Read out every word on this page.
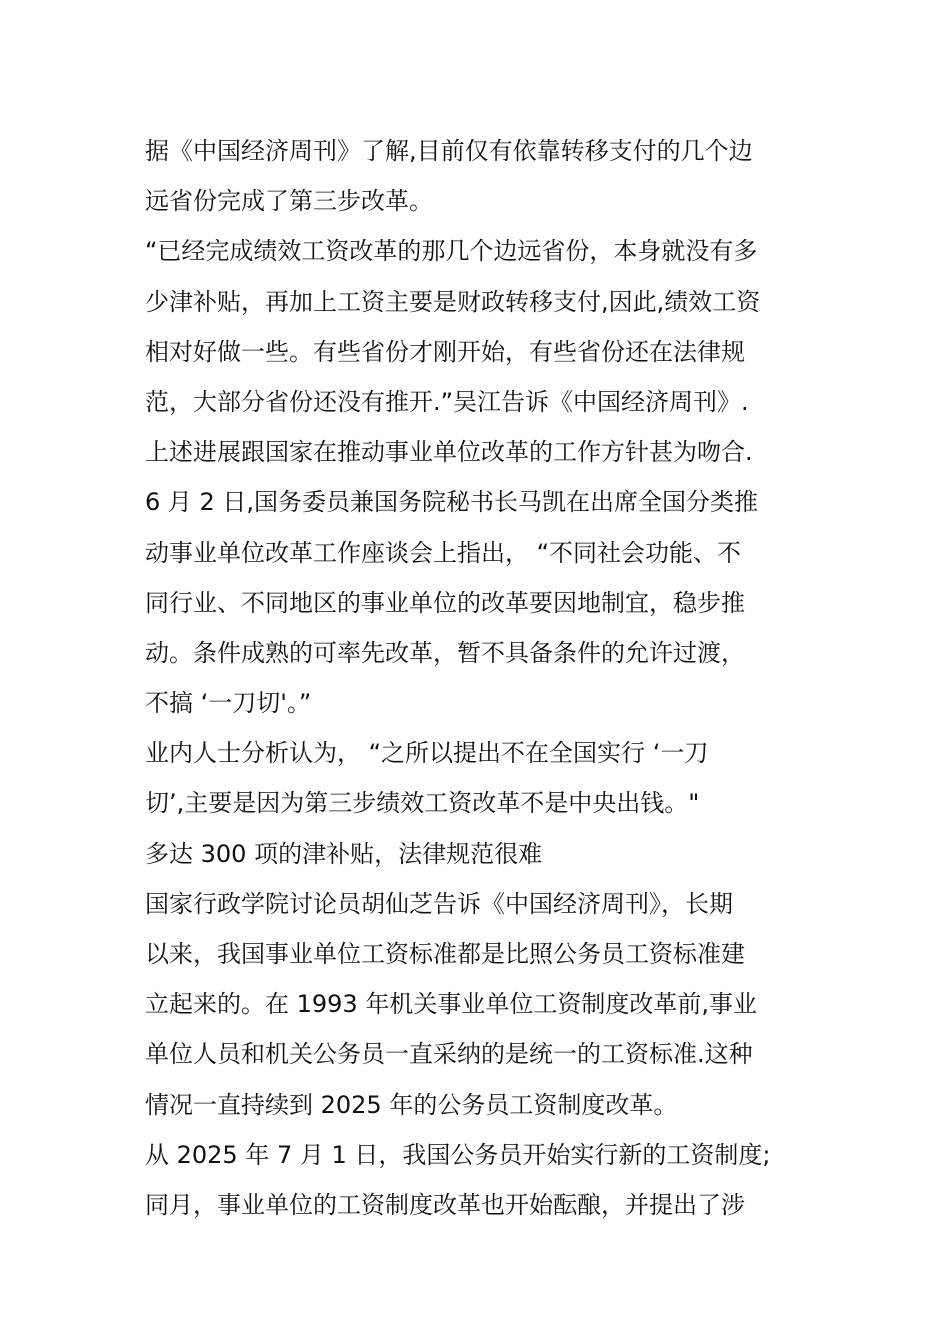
据《中国经济周刊》了解,目前仅有依靠转移支付的几个边
远省份完成了第三步改革。
“已经完成绩效工资改革的那几个边远省份，本身就没有多
少津补贴，再加上工资主要是财政转移支付,因此,绩效工资
相对好做一些。有些省份才刚开始，有些省份还在法律规
范，大部分省份还没有推开.”吴江告诉《中国经济周刊》.
上述进展跟国家在推动事业单位改革的工作方针甚为吻合.
6 月 2 日,国务委员兼国务院秘书长马凯在出席全国分类推
动事业单位改革工作座谈会上指出， “不同社会功能、不
同行业、不同地区的事业单位的改革要因地制宜，稳步推
动。条件成熟的可率先改革，暂不具备条件的允许过渡，
不搞 ‘一刀切'。”
业内人士分析认为， “之所以提出不在全国实行 ‘一刀
切’,主要是因为第三步绩效工资改革不是中央出钱。"
多达 300 项的津补贴，法律规范很难
国家行政学院讨论员胡仙芝告诉《中国经济周刊》，长期
以来，我国事业单位工资标准都是比照公务员工资标准建
立起来的。在 1993 年机关事业单位工资制度改革前,事业
单位人员和机关公务员一直采纳的是统一的工资标准.这种
情况一直持续到 2025 年的公务员工资制度改革。
从 2025 年 7 月 1 日，我国公务员开始实行新的工资制度;
同月，事业单位的工资制度改革也开始酝酿，并提出了涉
